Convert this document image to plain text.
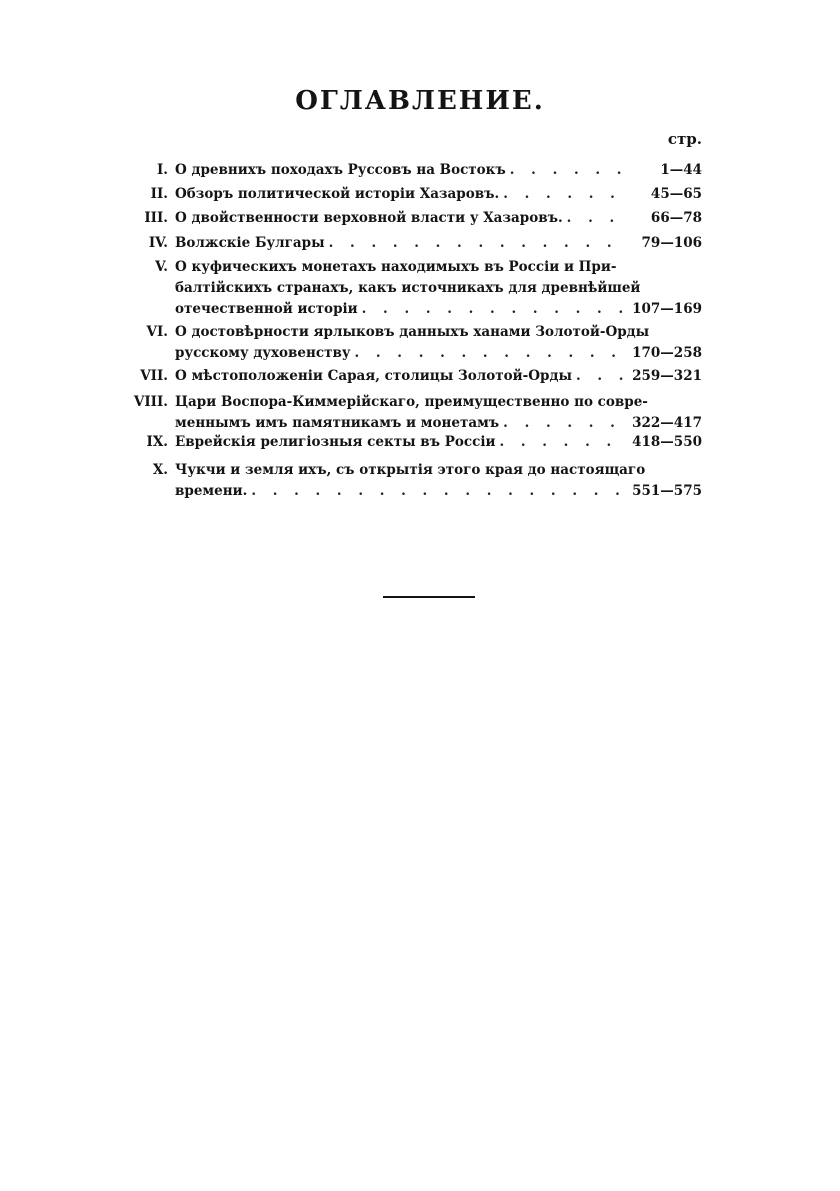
ОГЛАВЛЕНИЕ.
стр.
I. О древнихъ походахъ Руссовъ на Востокъ . . .	1—44
II. Обзоръ политической исторіи Хазаровъ. . . .	45—65
III. О двойственности верховной власти у Хазаровъ. . . .	66—78
IV. Волжскіе Булгары . . .	79—106
V. О куфическихъ монетахъ находимыхъ въ Россіи и При-
балтійскихъ странахъ, какъ источникахъ для древнѣйшей
отечественной исторіи . . .	107—169
VI. О достовѣрности ярлыковъ данныхъ ханами Золотой-Орды
русскому духовенству . . .	170—258
VII. О мѣстоположеніи Сарая, столицы Золотой-Орды . . .	259—321
VIII. Цари Воспора-Киммерійскаго, преимущественно по совре-
меннымъ имъ памятникамъ и монетамъ . . .	322—417
IX. Еврейскія религіозныя секты въ Россіи . . .	418—550
X. Чукчи и земля ихъ, съ открытія этого края до настоящаго
времени. . . .	551—575
